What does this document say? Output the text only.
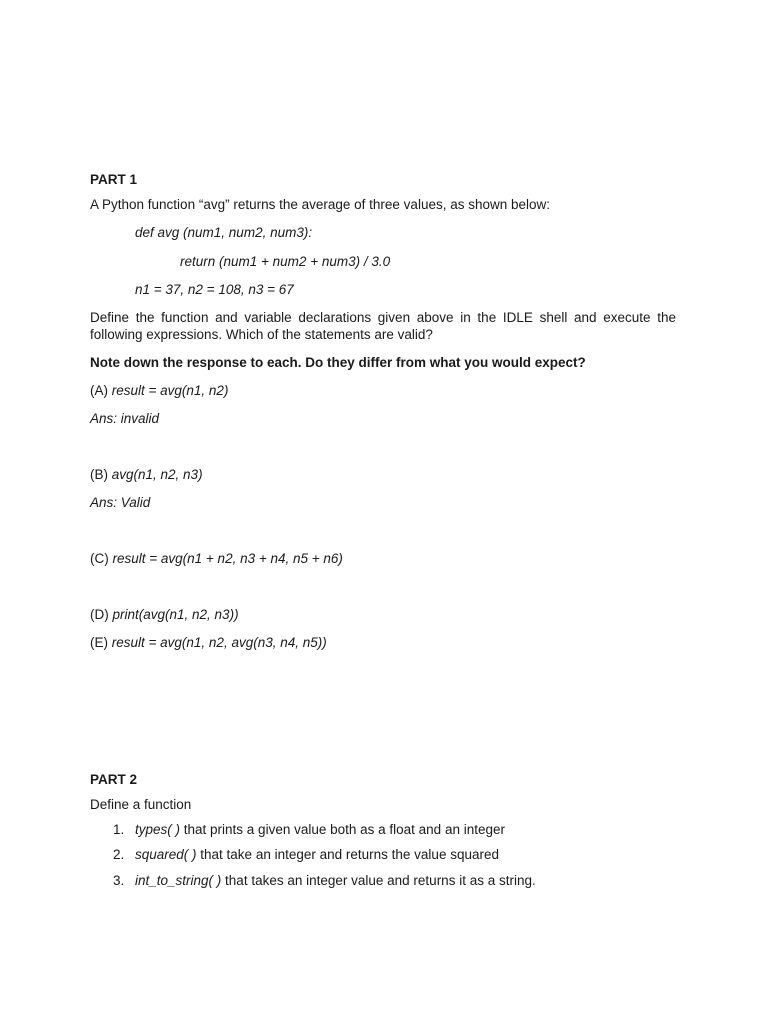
PART 1
A Python function “avg” returns the average of three values, as shown below:
def avg (num1, num2, num3):
return (num1 + num2 + num3) / 3.0
n1 = 37, n2 = 108, n3 = 67
Define the function and variable declarations given above in the IDLE shell and execute the following expressions. Which of the statements are valid?
Note down the response to each. Do they differ from what you would expect?
(A) result = avg(n1, n2)
Ans: invalid
(B) avg(n1, n2, n3)
Ans: Valid
(C) result = avg(n1 + n2, n3 + n4, n5 + n6)
(D) print(avg(n1, n2, n3))
(E) result = avg(n1, n2, avg(n3, n4, n5))
PART 2
Define a function
1. types( ) that prints a given value both as a float and an integer
2. squared( ) that take an integer and returns the value squared
3. int_to_string( ) that takes an integer value and returns it as a string.
